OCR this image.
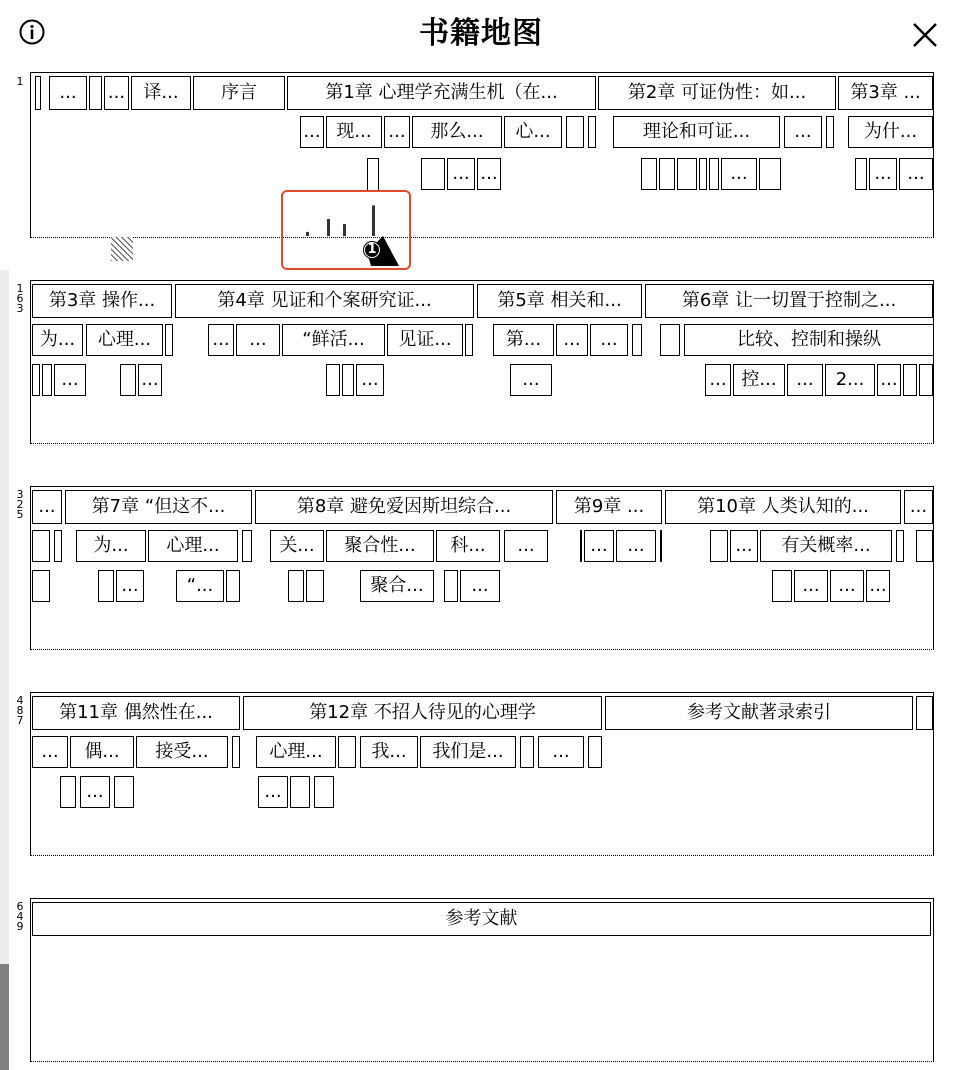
书籍地图
1
1
6
3
3
2
5
4
8
7
6
4
9
...	...	译...	序言	第1章 心理学充满生机（在...	第2章 可证伪性：如...	第3章 ...
... 现... ...	那么...	心...	理论和可证...	...	为什...
... ...	...	... ...
第3章 操作...	第4章 见证和个案研究证...	第5章 相关和...	第6章 让一切置于控制之...
为...	心理...	...	...	“鲜活...	见证...	第...	...	...	比较、控制和操纵
...	...	...	...	... 控...	...	2... ...
...	第7章 “但这不...	第8章 避免爱因斯坦综合...	第9章 ...	第10章 人类认知的...	...
为...	心理...	关...	聚合性...	科...	...	...	...	...	有关概率...
...	“...	聚合...	...	...	... ...
第11章 偶然性在...	第12章 不招人待见的心理学	参考文献著录索引
...	偶...	接受...	心理...	我...	我们是...	...
...	...
参考文献
1
